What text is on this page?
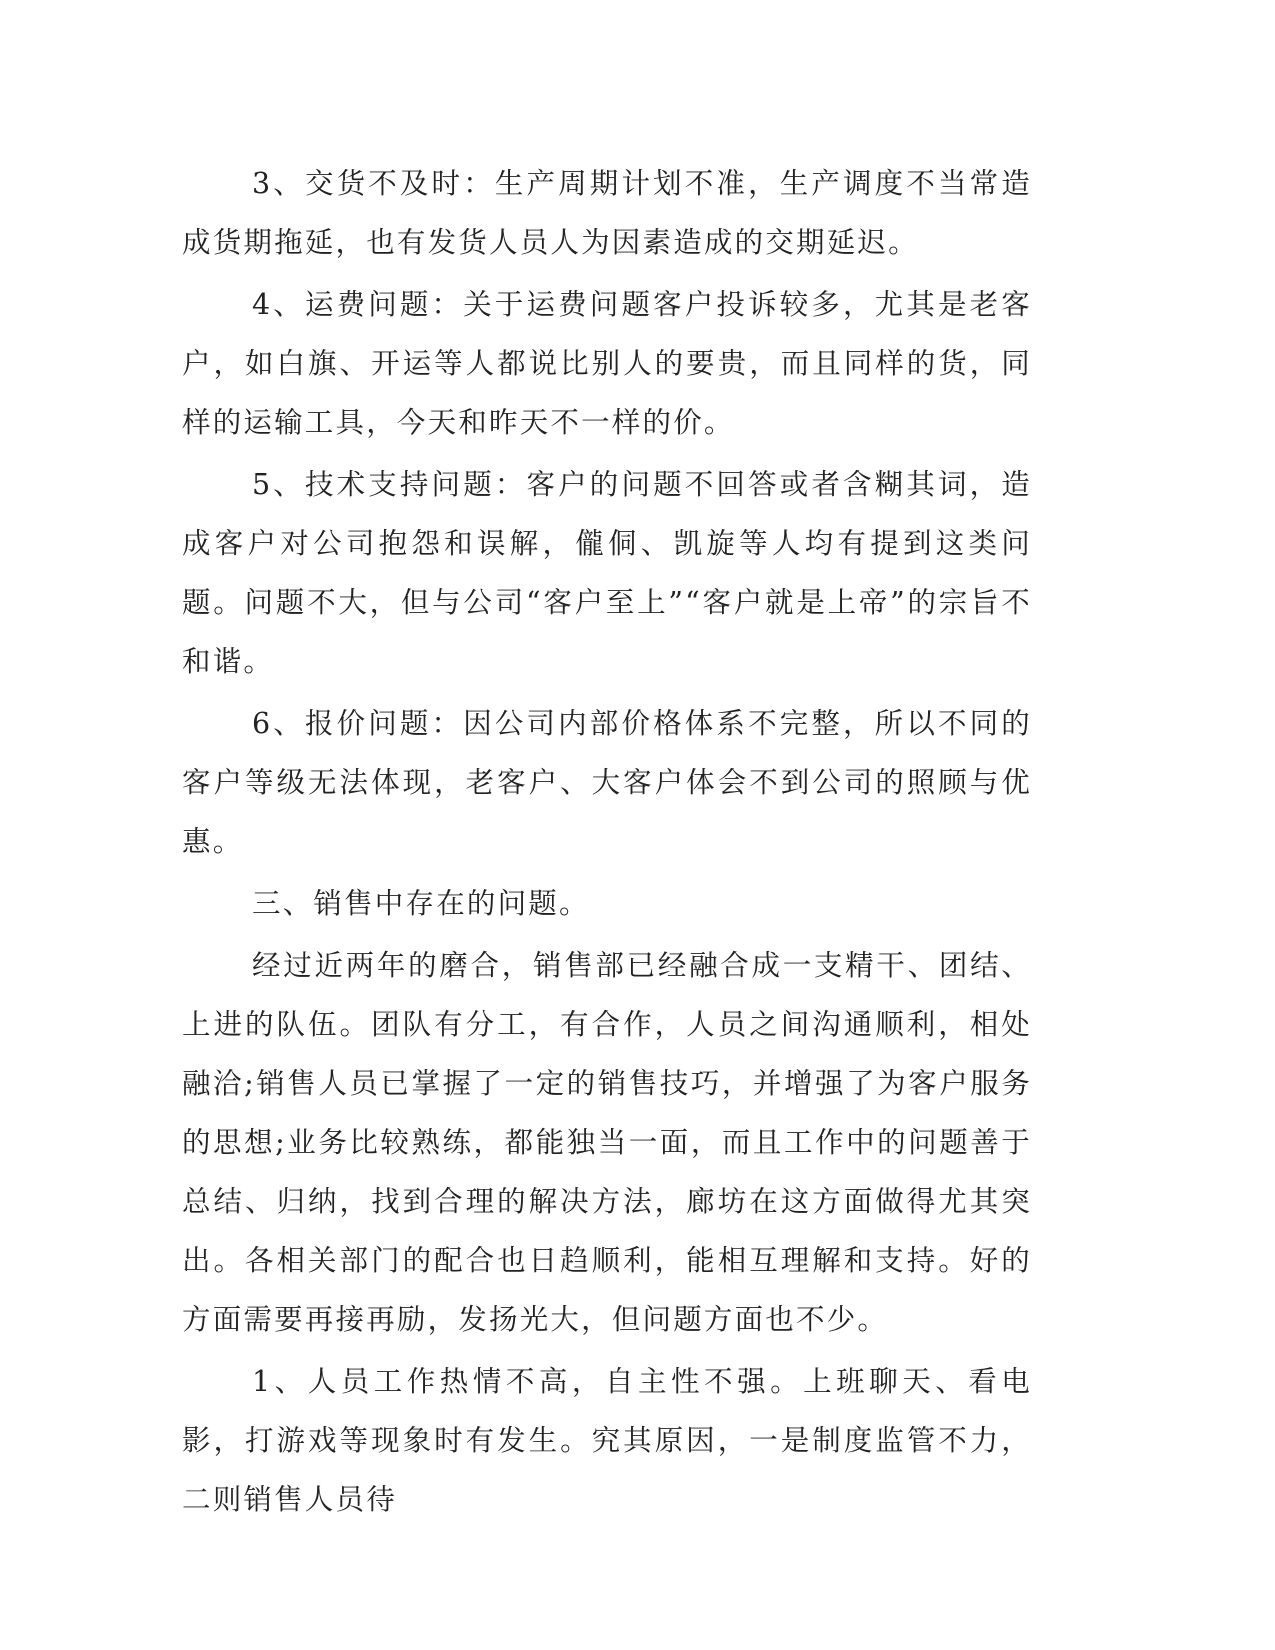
3、交货不及时：生产周期计划不准，生产调度不当常造成货期拖延，也有发货人员人为因素造成的交期延迟。

4、运费问题：关于运费问题客户投诉较多，尤其是老客户，如白旗、开运等人都说比别人的要贵，而且同样的货，同样的运输工具，今天和昨天不一样的价。

5、技术支持问题：客户的问题不回答或者含糊其词，造成客户对公司抱怨和误解，儱侗、凯旋等人均有提到这类问题。问题不大，但与公司“客户至上”“客户就是上帝”的宗旨不和谐。

6、报价问题：因公司内部价格体系不完整，所以不同的客户等级无法体现，老客户、大客户体会不到公司的照顾与优惠。

三、销售中存在的问题。

经过近两年的磨合，销售部已经融合成一支精干、团结、上进的队伍。团队有分工，有合作，人员之间沟通顺利，相处融洽;销售人员已掌握了一定的销售技巧，并增强了为客户服务的思想;业务比较熟练，都能独当一面，而且工作中的问题善于总结、归纳，找到合理的解决方法，廊坊在这方面做得尤其突出。各相关部门的配合也日趋顺利，能相互理解和支持。好的方面需要再接再励，发扬光大，但问题方面也不少。

1、人员工作热情不高，自主性不强。上班聊天、看电影，打游戏等现象时有发生。究其原因，一是制度监管不力，二则销售人员待
